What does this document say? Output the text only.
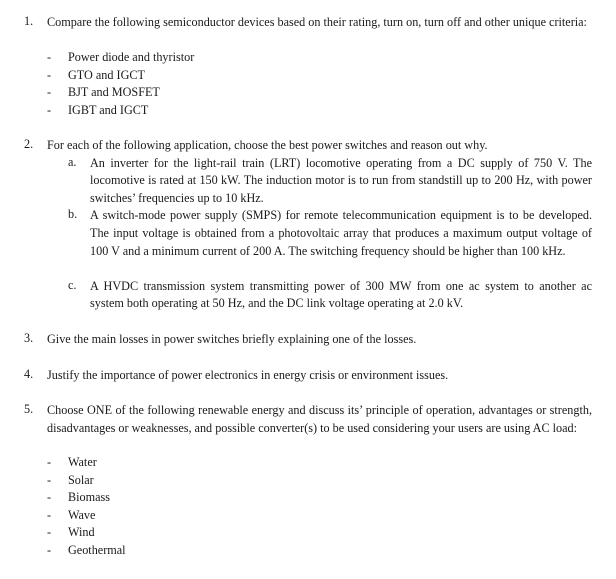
1. Compare the following semiconductor devices based on their rating, turn on, turn off and other unique criteria:
- Power diode and thyristor
- GTO and IGCT
- BJT and MOSFET
- IGBT and IGCT
2. For each of the following application, choose the best power switches and reason out why.
a. An inverter for the light-rail train (LRT) locomotive operating from a DC supply of 750 V. The locomotive is rated at 150 kW. The induction motor is to run from standstill up to 200 Hz, with power switches’ frequencies up to 10 kHz.
b. A switch-mode power supply (SMPS) for remote telecommunication equipment is to be developed. The input voltage is obtained from a photovoltaic array that produces a maximum output voltage of 100 V and a minimum current of 200 A. The switching frequency should be higher than 100 kHz.
c. A HVDC transmission system transmitting power of 300 MW from one ac system to another ac system both operating at 50 Hz, and the DC link voltage operating at 2.0 kV.
3. Give the main losses in power switches briefly explaining one of the losses.
4. Justify the importance of power electronics in energy crisis or environment issues.
5. Choose ONE of the following renewable energy and discuss its’ principle of operation, advantages or strength, disadvantages or weaknesses, and possible converter(s) to be used considering your users are using AC load:
- Water
- Solar
- Biomass
- Wave
- Wind
- Geothermal
